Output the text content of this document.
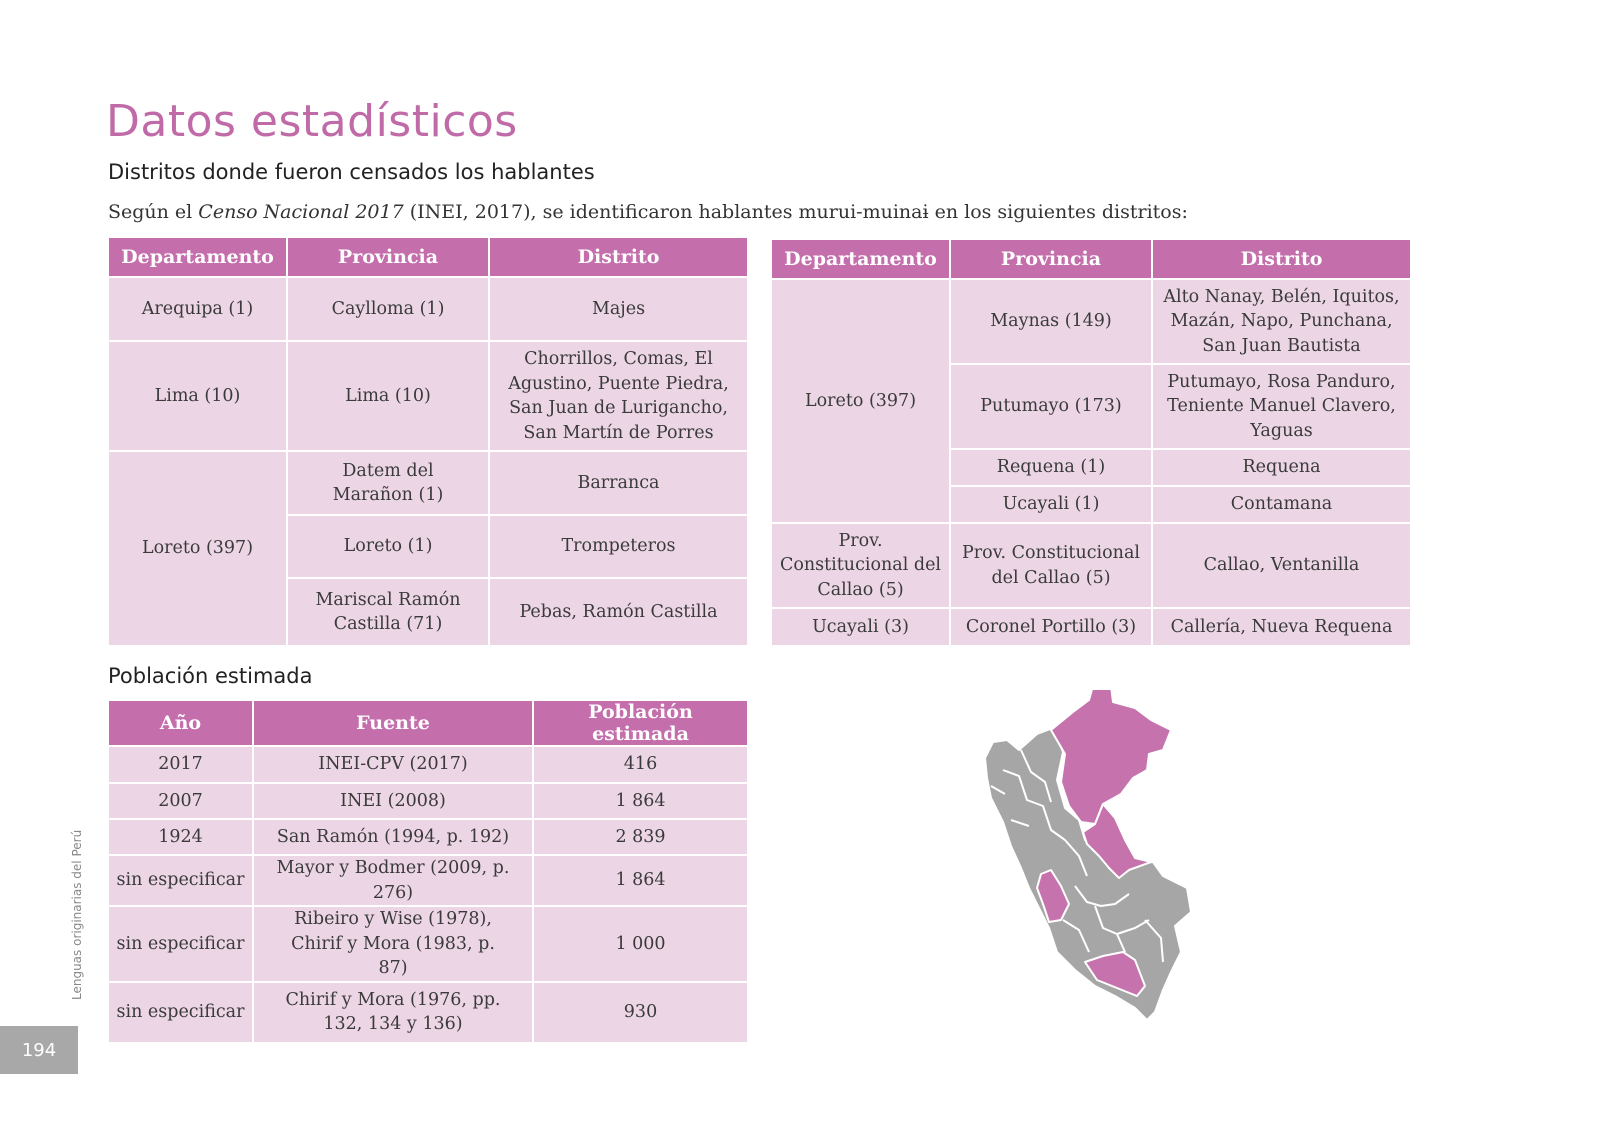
Datos estadísticos
Distritos donde fueron censados los hablantes

Según el Censo Nacional 2017 (INEI, 2017), se identificaron hablantes murui-muinaɨ en los siguientes distritos:

Departamento	Provincia	Distrito
Arequipa (1)	Caylloma (1)	Majes
Lima (10)	Lima (10)	Chorrillos, Comas, El Agustino, Puente Piedra, San Juan de Lurigancho, San Martín de Porres
Loreto (397)	Datem del Marañon (1)	Barranca
	Loreto (1)	Trompeteros
	Mariscal Ramón Castilla (71)	Pebas, Ramón Castilla
Departamento	Provincia	Distrito
Loreto (397)	Maynas (149)	Alto Nanay, Belén, Iquitos, Mazán, Napo, Punchana, San Juan Bautista
	Putumayo (173)	Putumayo, Rosa Panduro, Teniente Manuel Clavero, Yaguas
	Requena (1)	Requena
	Ucayali (1)	Contamana
Prov. Constitucional del Callao (5)	Prov. Constitucional del Callao (5)	Callao, Ventanilla
Ucayali (3)	Coronel Portillo (3)	Callería, Nueva Requena
Población estimada
Año	Fuente	Población estimada
2017	INEI-CPV (2017)	416
2007	INEI (2008)	1 864
1924	San Ramón (1994, p. 192)	2 839
sin especificar	Mayor y Bodmer (2009, p. 276)	1 864
sin especificar	Ribeiro y Wise (1978), Chirif y Mora (1983, p. 87)	1 000
sin especificar	Chirif y Mora (1976, pp. 132, 134 y 136)	930
Lenguas originarias del Perú
194
